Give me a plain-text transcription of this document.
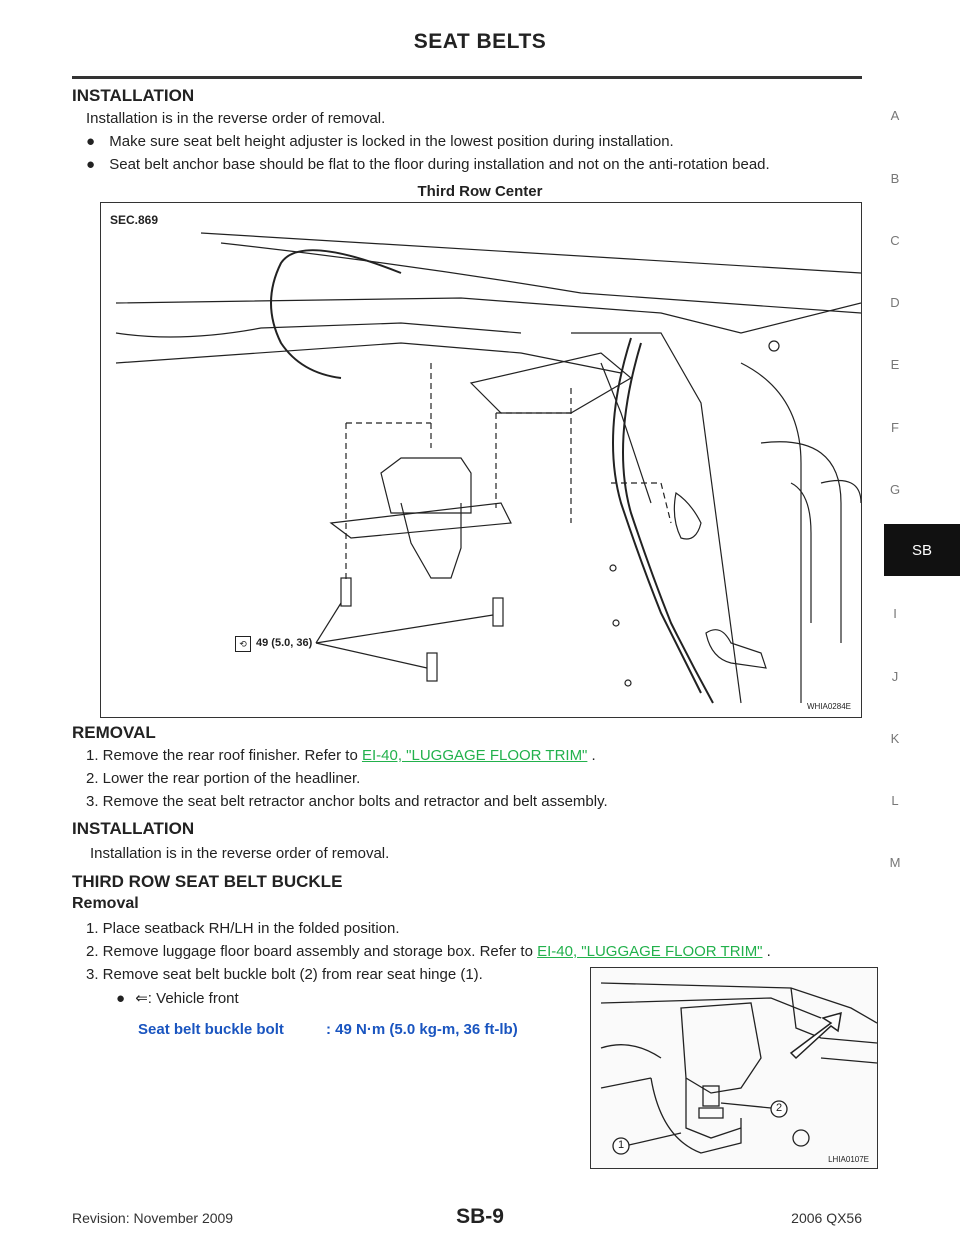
SEAT BELTS
A
B
C
D
E
F
G
SB
I
J
K
L
M
INSTALLATION
Installation is in the reverse order of removal.
● Make sure seat belt height adjuster is locked in the lowest position during installation.
● Seat belt anchor base should be flat to the floor during installation and not on the anti-rotation bead.
Third Row Center
SEC.869
⟲ 49 (5.0, 36)
WHIA0284E
REMOVAL
1. Remove the rear roof finisher. Refer to EI-40, "LUGGAGE FLOOR TRIM" .
2. Lower the rear portion of the headliner.
3. Remove the seat belt retractor anchor bolts and retractor and belt assembly.
INSTALLATION
Installation is in the reverse order of removal.
THIRD ROW SEAT BELT BUCKLE
Removal
1. Place seatback RH/LH in the folded position.
2. Remove luggage floor board assembly and storage box. Refer to EI-40, "LUGGAGE FLOOR TRIM" .
3. Remove seat belt buckle bolt (2) from rear seat hinge (1).
● ⇐: Vehicle front
Seat belt buckle bolt	: 49 N·m (5.0 kg-m, 36 ft-lb)
2
1
LHIA0107E
Revision: November 2009	SB-9	2006 QX56
